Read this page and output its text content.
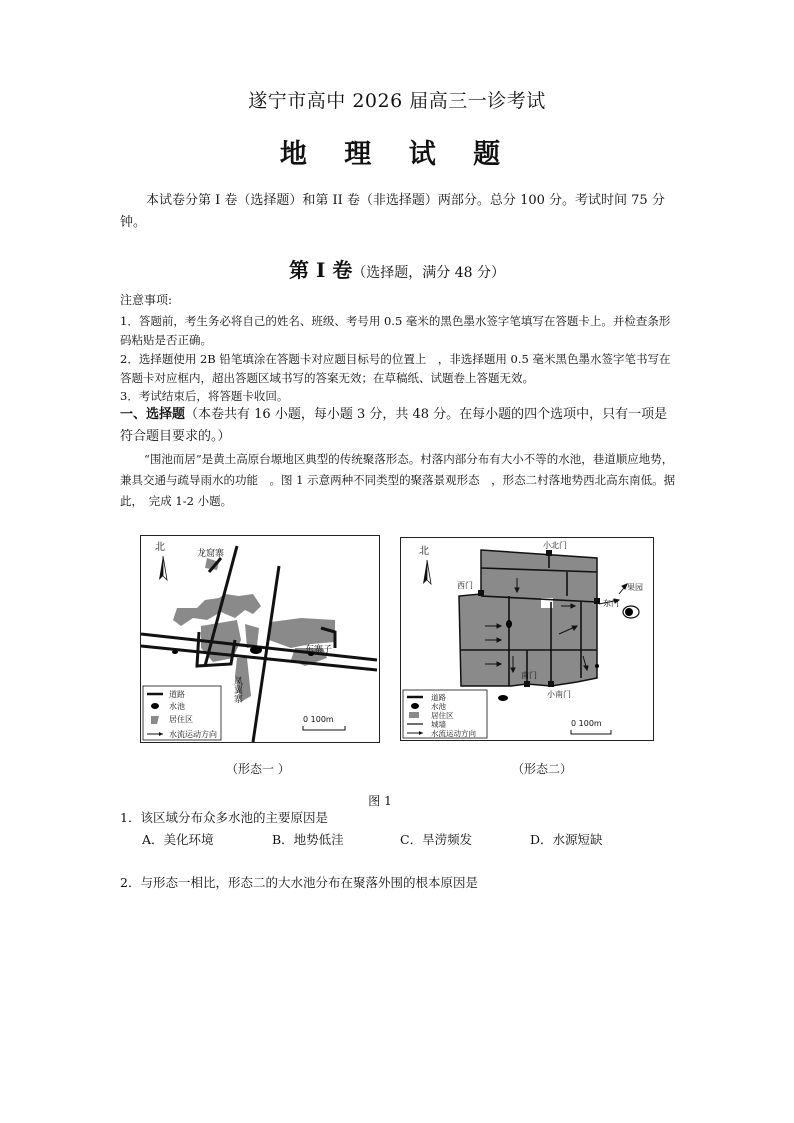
遂宁市高中 2026 届高三一诊考试
地 理 试 题
本试卷分第 I 卷（选择题）和第 II 卷（非选择题）两部分。总分 100 分。考试时间 75 分钟。
第 I 卷（选择题，满分 48 分）
注意事项:
1．答题前，考生务必将自己的姓名、班级、考号用 0.5 毫米的黑色墨水签字笔填写在答题卡上。并检查条形码粘贴是否正确。
2．选择题使用 2B 铅笔填涂在答题卡对应题目标号的位置上　，非选择题用 0.5 毫米黑色墨水签字笔书写在答题卡对应框内，超出答题区域书写的答案无效；在草稿纸、试题卷上答题无效。
3．考试结束后，将答题卡收回。
一、选择题（本卷共有 16 小题，每小题 3 分，共 48 分。在每小题的四个选项中，只有一项是符合题目要求的。）
“围池而居”是黄土高原台塬地区典型的传统聚落形态。村落内部分布有大小不等的水池，巷道顺应地势，兼具交通与疏导雨水的功能　。图 1 示意两种不同类型的聚落景观形态　，形态二村落地势西北高东南低。据此，　完成 1-2 小题。
北
龙窟寨
东寨子
凤翼寨
道路
水池
居住区
水流运动方向
0 100m
北
小北门
西门
东门
南门
小南门
果园
道路
水池
居住区
城墙
水流运动方向
0 100m
（形态一 ）	（形态二）
图 1
1．该区域分布众多水池的主要原因是
A．美化环境	B．地势低洼	C．旱涝频发	D．水源短缺
2．与形态一相比，形态二的大水池分布在聚落外围的根本原因是
